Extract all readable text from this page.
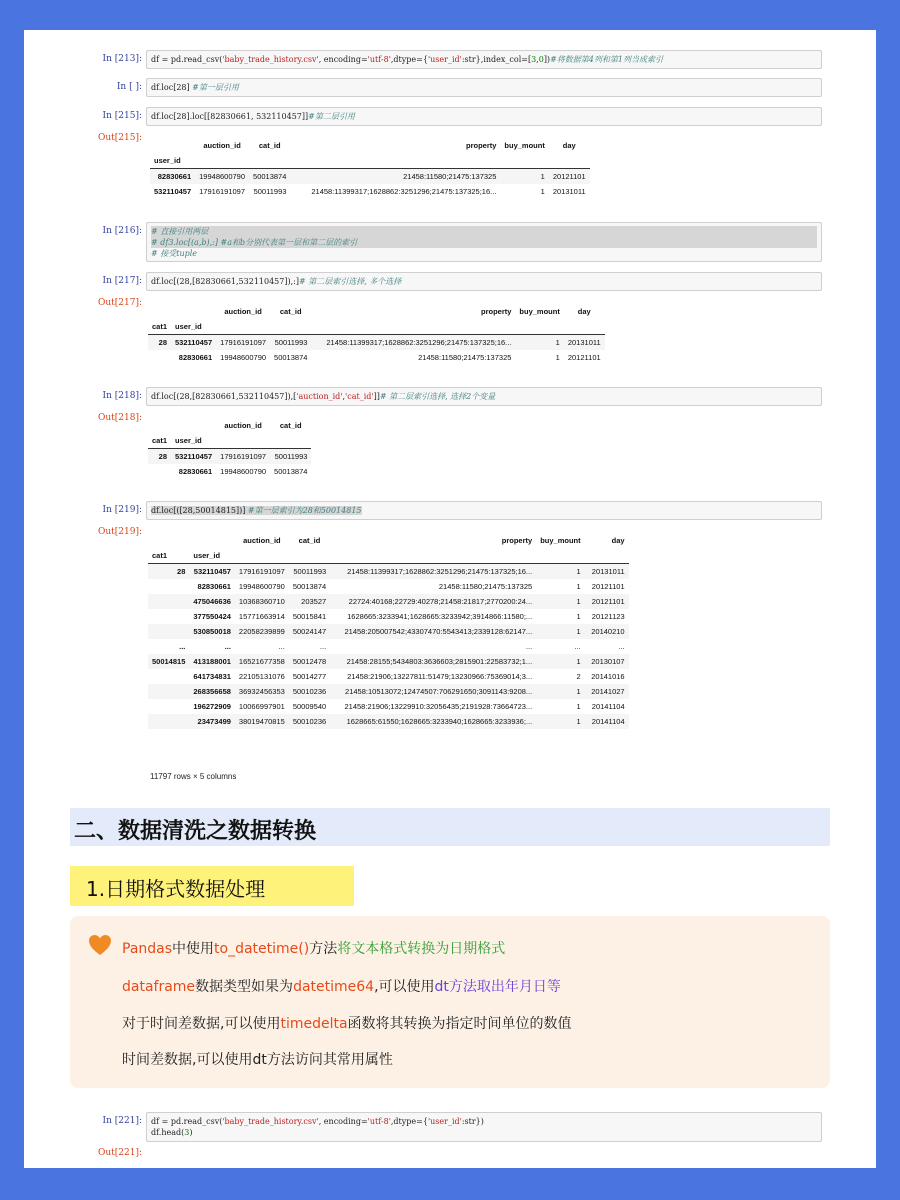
In [213]:	df = pd.read_csv('baby_trade_history.csv', encoding='utf-8',dtype={'user_id':str},index_col=[3,0])#将数据第4列和第1列当成索引
In [ ]:	df.loc[28] #第一层引用
In [215]:	df.loc[28].loc[[82830661, 532110457]]#第二层引用
Out[215]:
	auction_id	cat_id	property	buy_mount	day
user_id					
82830661	19948600790	50013874	21458:11580;21475:137325	1	20121101
532110457	17916191097	50011993	21458:11399317;1628862:3251296;21475:137325;16...	1	20131011
In [216]: # 直接引用两层
# df3.loc[(a,b),:] #a和b分别代表第一层和第二层的索引
# 接受tuple
In [217]:	df.loc[(28,[82830661,532110457]),:]# 第二层索引选择, 多个选择
Out[217]:
		auction_id	cat_id	property	buy_mount	day
cat1	user_id					
28	532110457	17916191097	50011993	21458:11399317;1628862:3251296;21475:137325;16...	1	20131011
	82830661	19948600790	50013874	21458:11580;21475:137325	1	20121101
In [218]:	df.loc[(28,[82830661,532110457]),['auction_id','cat_id']]# 第二层索引选择, 选择2个变量
Out[218]:
		auction_id	cat_id
cat1	user_id		
28	532110457	17916191097	50011993
	82830661	19948600790	50013874
In [219]:	df.loc[([28,50014815])] #第一层索引为28和50014815
Out[219]:
		auction_id	cat_id	property	buy_mount	day
cat1	user_id					
28	532110457	17916191097	50011993	21458:11399317;1628862:3251296;21475:137325;16...	1	20131011
	82830661	19948600790	50013874	21458:11580;21475:137325	1	20121101
	475046636	10368360710	203527	22724:40168;22729:40278;21458:21817;2770200:24...	1	20121101
	377550424	15771663914	50015841	1628665:3233941;1628665:3233942;3914866:11580;...	1	20121123
	530850018	22058239899	50024147	21458:205007542;43307470:5543413;2339128:62147...	1	20140210
...	...	...	...	...	...	...
50014815	413188001	16521677358	50012478	21458:28155;5434803:3636603;2815901:22583732;1...	1	20130107
	641734831	22105131076	50014277	21458:21906;13227811:51479;13230966:75369014;3...	2	20141016
	268356658	36932456353	50010236	21458:10513072;12474507:706291650;3091143:9208...	1	20141027
	196272909	10066997901	50009540	21458:21906;13229910:32056435;2191928:73664723...	1	20141104
	23473499	38019470815	50010236	1628665:61550;1628665:3233940;1628665:3233936;...	1	20141104
11797 rows × 5 columns
二、数据清洗之数据转换
1.日期格式数据处理
Pandas中使用to_datetime()方法将文本格式转换为日期格式
dataframe数据类型如果为datetime64,可以使用dt方法取出年月日等
对于时间差数据,可以使用timedelta函数将其转换为指定时间单位的数值
时间差数据,可以使用dt方法访问其常用属性
In [221]: df = pd.read_csv('baby_trade_history.csv', encoding='utf-8',dtype={'user_id':str})
df.head(3)
Out[221]:
